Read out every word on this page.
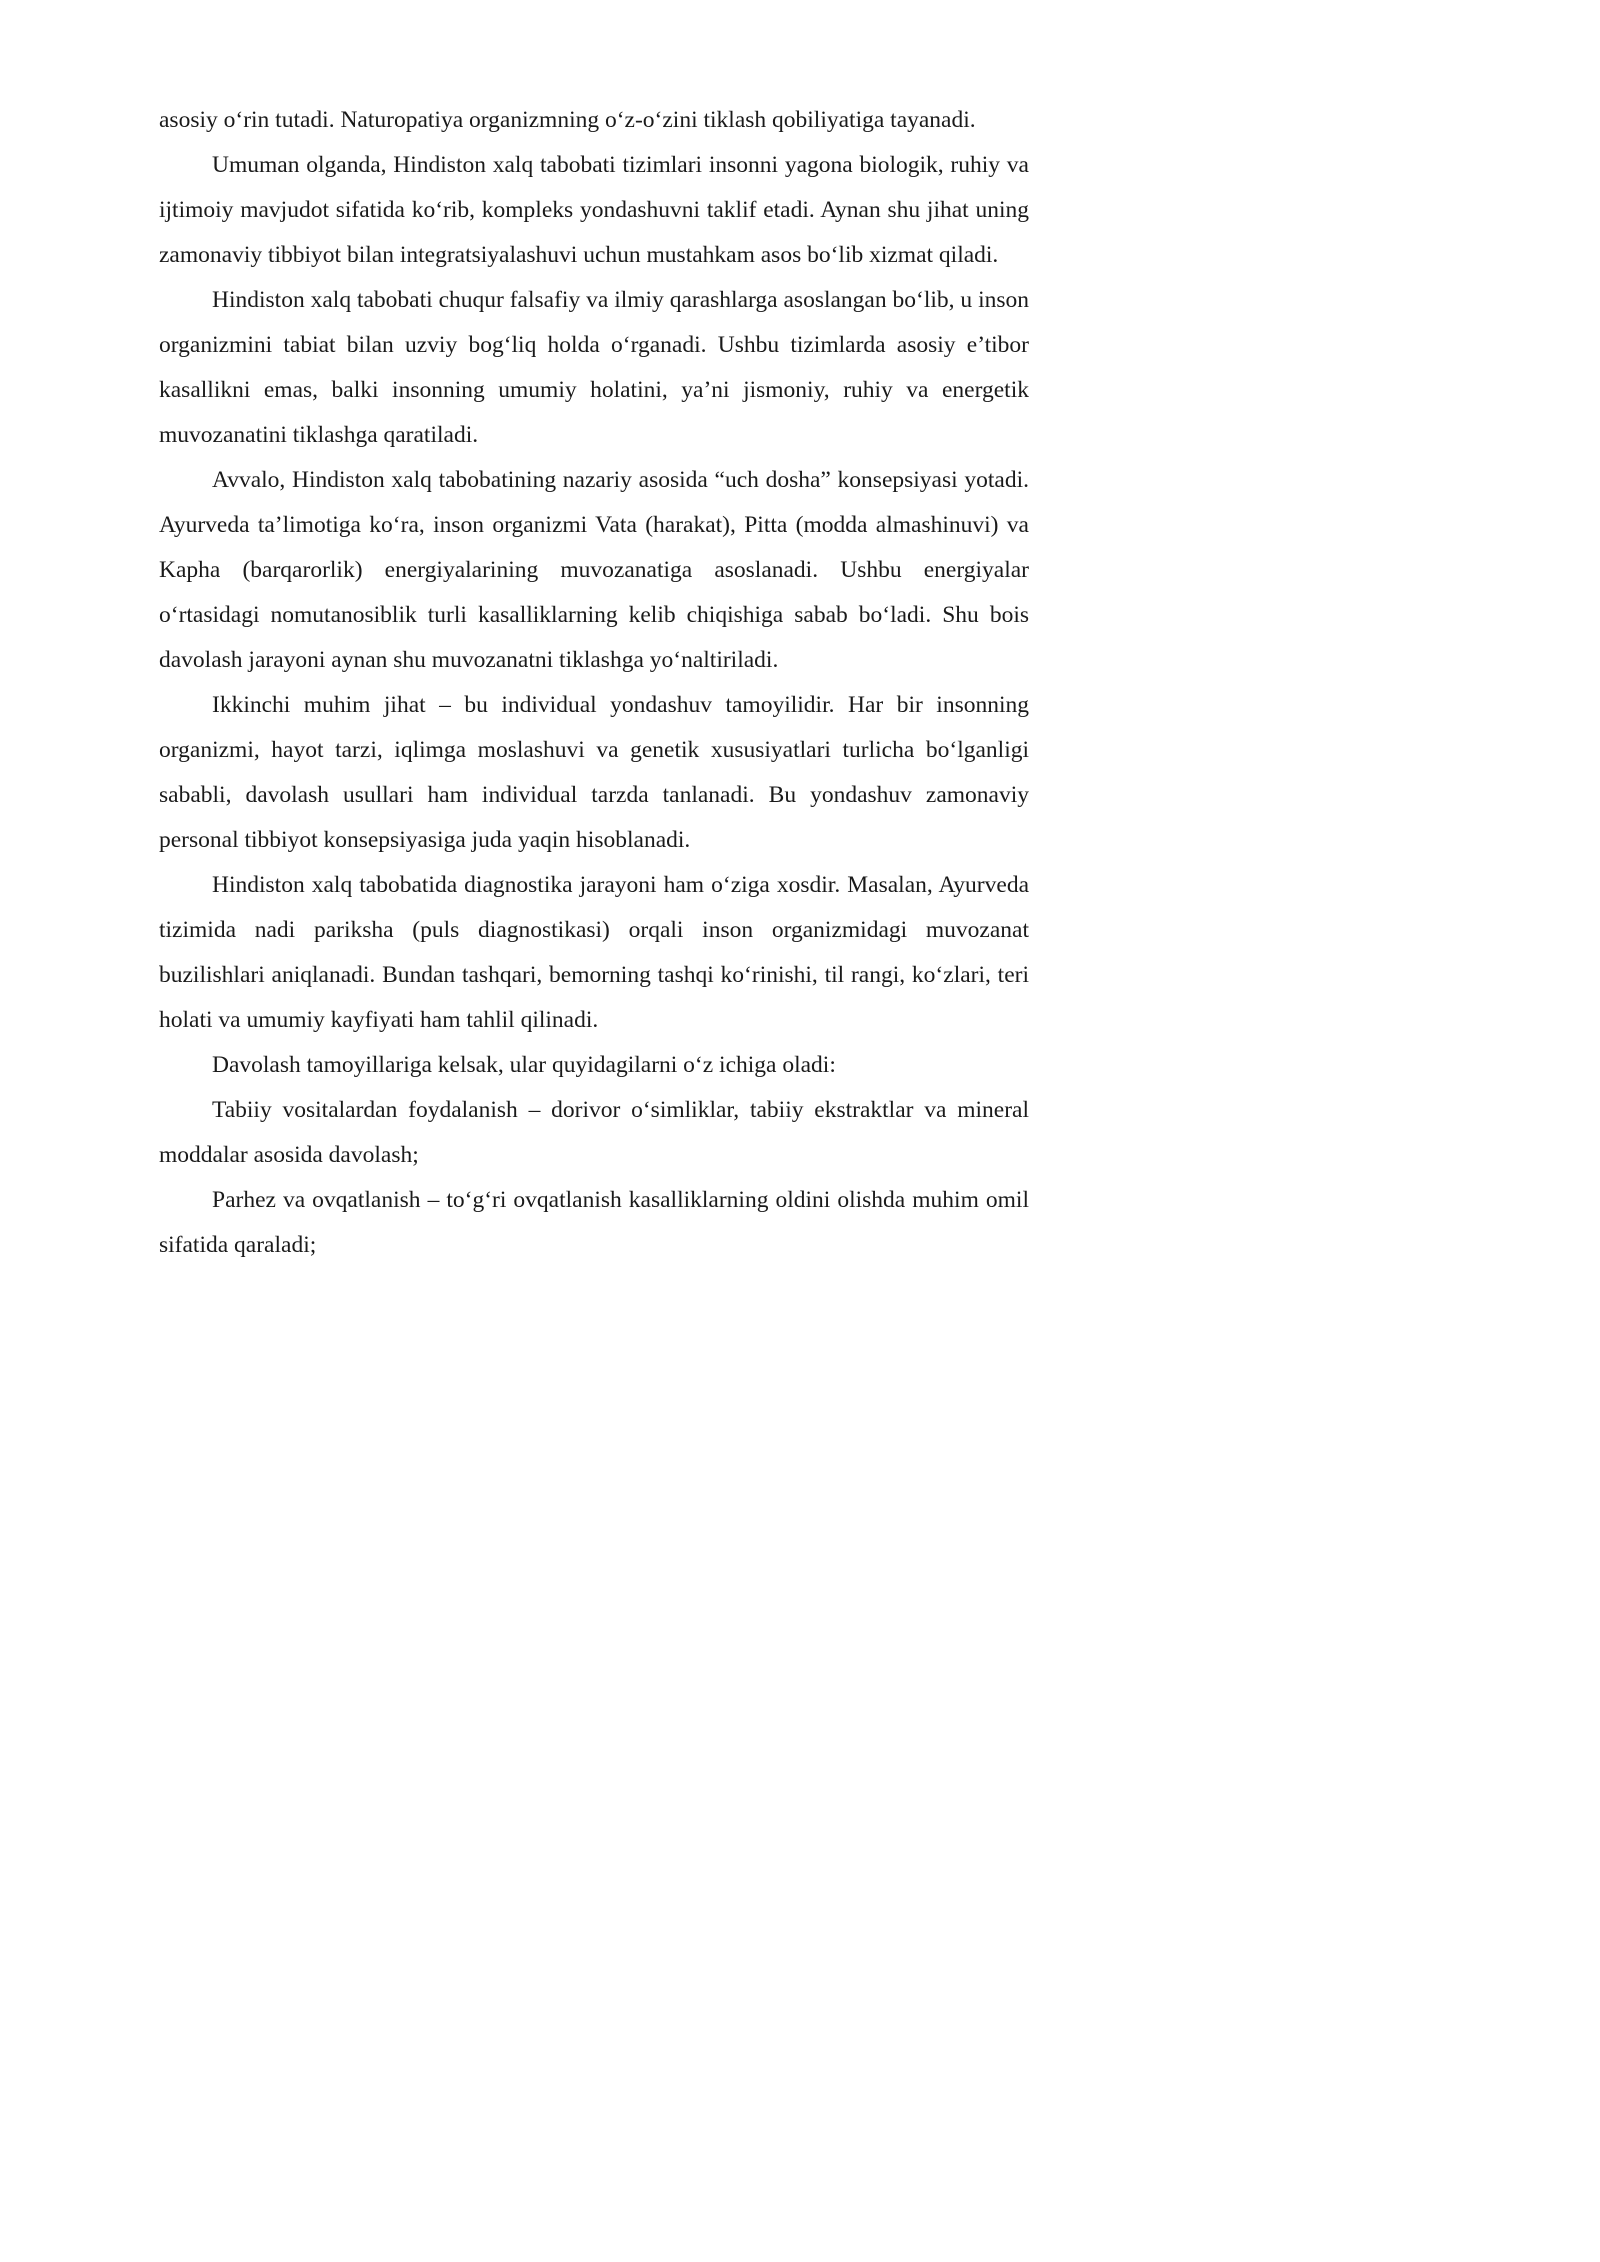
asosiy o‘rin tutadi. Naturopatiya organizmning o‘z-o‘zini tiklash qobiliyatiga tayanadi.

Umuman olganda, Hindiston xalq tabobati tizimlari insonni yagona biologik, ruhiy va ijtimoiy mavjudot sifatida ko‘rib, kompleks yondashuvni taklif etadi. Aynan shu jihat uning zamonaviy tibbiyot bilan integratsiyalashuvi uchun mustahkam asos bo‘lib xizmat qiladi.

Hindiston xalq tabobati chuqur falsafiy va ilmiy qarashlarga asoslangan bo‘lib, u inson organizmini tabiat bilan uzviy bog‘liq holda o‘rganadi. Ushbu tizimlarda asosiy e’tibor kasallikni emas, balki insonning umumiy holatini, ya’ni jismoniy, ruhiy va energetik muvozanatini tiklashga qaratiladi.

Avvalo, Hindiston xalq tabobatining nazariy asosida “uch dosha” konsepsiyasi yotadi. Ayurveda ta’limotiga ko‘ra, inson organizmi Vata (harakat), Pitta (modda almashinuvi) va Kapha (barqarorlik) energiyalarining muvozanatiga asoslanadi. Ushbu energiyalar o‘rtasidagi nomutanosiblik turli kasalliklarning kelib chiqishiga sabab bo‘ladi. Shu bois davolash jarayoni aynan shu muvozanatni tiklashga yo‘naltiriladi.

Ikkinchi muhim jihat – bu individual yondashuv tamoyilidir. Har bir insonning organizmi, hayot tarzi, iqlimga moslashuvi va genetik xususiyatlari turlicha bo‘lganligi sababli, davolash usullari ham individual tarzda tanlanadi. Bu yondashuv zamonaviy personal tibbiyot konsepsiyasiga juda yaqin hisoblanadi.

Hindiston xalq tabobatida diagnostika jarayoni ham o‘ziga xosdir. Masalan, Ayurveda tizimida nadi pariksha (puls diagnostikasi) orqali inson organizmidagi muvozanat buzilishlari aniqlanadi. Bundan tashqari, bemorning tashqi ko‘rinishi, til rangi, ko‘zlari, teri holati va umumiy kayfiyati ham tahlil qilinadi.

Davolash tamoyillariga kelsak, ular quyidagilarni o‘z ichiga oladi:

Tabiiy vositalardan foydalanish – dorivor o‘simliklar, tabiiy ekstraktlar va mineral moddalar asosida davolash;

Parhez va ovqatlanish – to‘g‘ri ovqatlanish kasalliklarning oldini olishda muhim omil sifatida qaraladi;
